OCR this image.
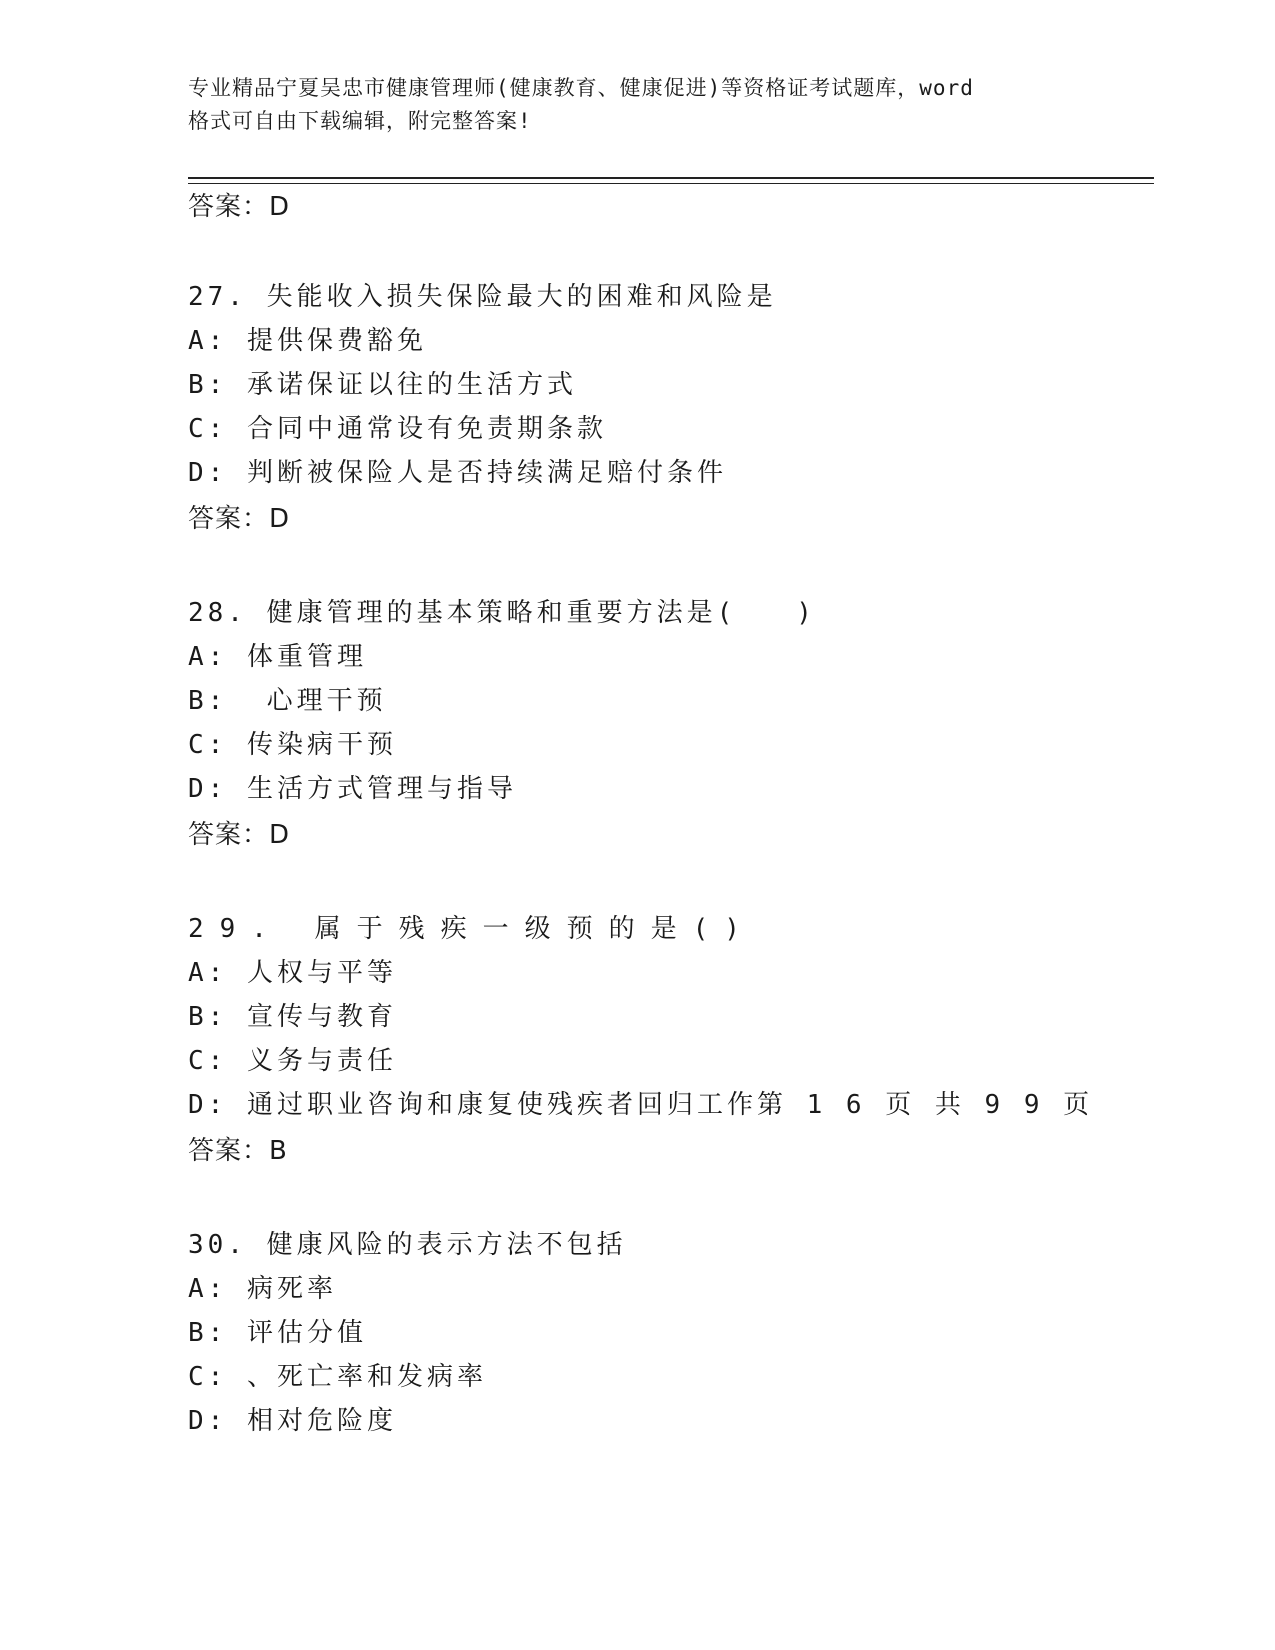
专业精品宁夏吴忠市健康管理师(健康教育、健康促进)等资格证考试题库，word
格式可自由下载编辑，附完整答案!
答案：D
27. 失能收入损失保险最大的困难和风险是
A: 提供保费豁免
B: 承诺保证以往的生活方式
C: 合同中通常设有免责期条款
D: 判断被保险人是否持续满足赔付条件
答案：D
28. 健康管理的基本策略和重要方法是(　　)
A: 体重管理
B:  心理干预
C: 传染病干预
D: 生活方式管理与指导
答案：D
29. 属于残疾一级预的是()
A: 人权与平等
B: 宣传与教育
C: 义务与责任
D: 通过职业咨询和康复使残疾者回归工作第 1 6 页 共 9 9 页
答案：B
30. 健康风险的表示方法不包括
A: 病死率
B: 评估分值
C: 、死亡率和发病率
D: 相对危险度
